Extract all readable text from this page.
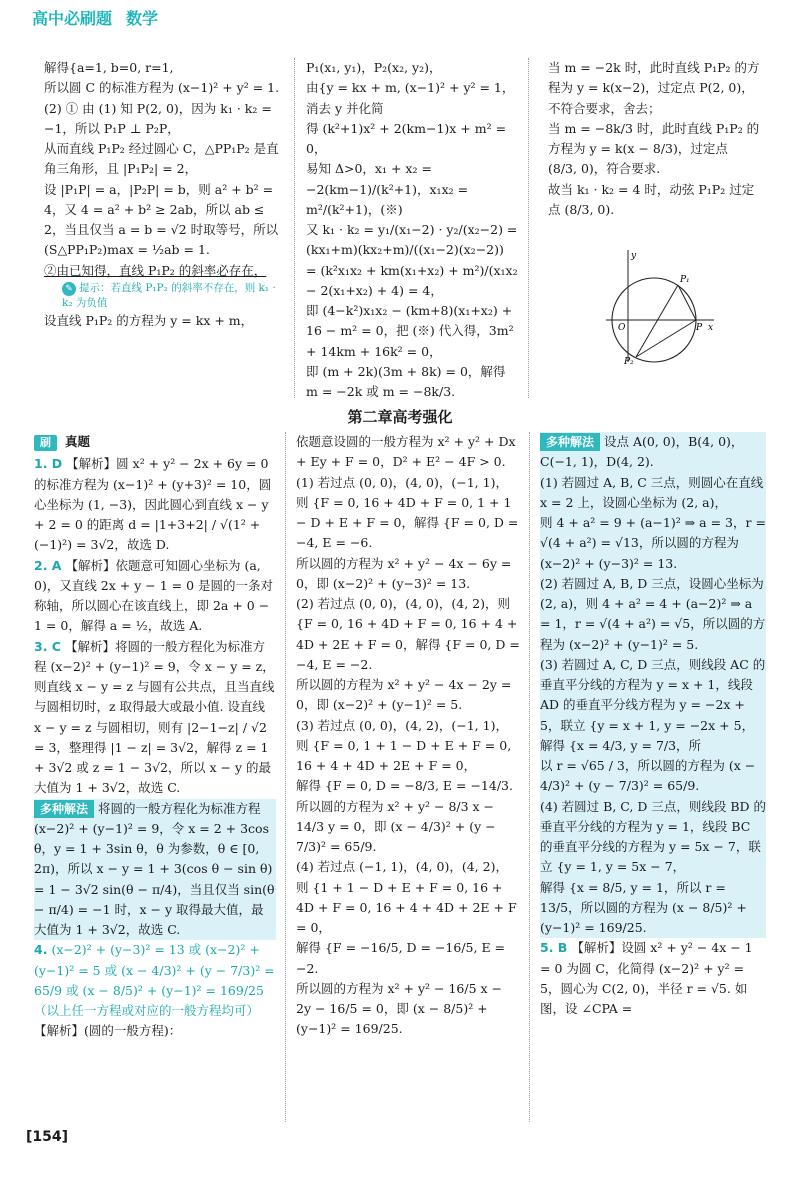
高中必刷题 数学

解得{a=1, b=0, r=1,

所以圆 C 的标准方程为 (x−1)² + y² = 1.

(2) ① 由 (1) 知 P(2, 0)，因为 k₁ · k₂ = −1，所以 P₁P ⊥ P₂P，

从而直线 P₁P₂ 经过圆心 C，△PP₁P₂ 是直角三角形，且 |P₁P₂| = 2，

设 |P₁P| = a，|P₂P| = b，则 a² + b² = 4，又 4 = a² + b² ≥ 2ab，所以 ab ≤ 2，当且仅当 a = b = √2 时取等号，所以

(S△PP₁P₂)max = ½ab = 1.

②由已知得，直线 P₁P₂ 的斜率必存在，

✎ 提示：若直线 P₁P₂ 的斜率不存在，则 k₁ · k₂ 为负值

设直线 P₁P₂ 的方程为 y = kx + m，

P₁(x₁, y₁)，P₂(x₂, y₂)，

由{y = kx + m, (x−1)² + y² = 1，消去 y 并化简

得 (k²+1)x² + 2(km−1)x + m² = 0，

易知 Δ>0，x₁ + x₂ = −2(km−1)/(k²+1)，x₁x₂ = m²/(k²+1)，(※)

又 k₁ · k₂ = y₁/(x₁−2) · y₂/(x₂−2) = (kx₁+m)(kx₂+m)/((x₁−2)(x₂−2)) = (k²x₁x₂ + km(x₁+x₂) + m²)/(x₁x₂ − 2(x₁+x₂) + 4) = 4，

即 (4−k²)x₁x₂ − (km+8)(x₁+x₂) + 16 − m² = 0，把 (※) 代入得，3m² + 14km + 16k² = 0，

即 (m + 2k)(3m + 8k) = 0，解得 m = −2k 或 m = −8k/3.

当 m = −2k 时，此时直线 P₁P₂ 的方程为 y = k(x−2)，过定点 P(2, 0)，不符合要求，舍去；

当 m = −8k/3 时，此时直线 P₁P₂ 的方程为 y = k(x − 8/3)，过定点 (8/3, 0)，符合要求.

故当 k₁ · k₂ = 4 时，动弦 P₁P₂ 过定点 (8/3, 0).

y
x
O	P
P₁
P₂
第二章高考强化

刷 真题

1. D 【解析】圆 x² + y² − 2x + 6y = 0 的标准方程为 (x−1)² + (y+3)² = 10，圆心坐标为 (1, −3)，因此圆心到直线 x − y + 2 = 0 的距离 d = |1+3+2| / √(1² + (−1)²) = 3√2，故选 D.

2. A 【解析】依题意可知圆心坐标为 (a, 0)，又直线 2x + y − 1 = 0 是圆的一条对称轴，所以圆心在该直线上，即 2a + 0 − 1 = 0，解得 a = ½，故选 A.

3. C 【解析】将圆的一般方程化为标准方程 (x−2)² + (y−1)² = 9，令 x − y = z，则直线 x − y = z 与圆有公共点，且当直线与圆相切时，z 取得最大或最小值. 设直线 x − y = z 与圆相切，则有 |2−1−z| / √2 = 3，整理得 |1 − z| = 3√2，解得 z = 1 + 3√2 或 z = 1 − 3√2，所以 x − y 的最大值为 1 + 3√2，故选 C.

多种解法 将圆的一般方程化为标准方程 (x−2)² + (y−1)² = 9，令 x = 2 + 3cos θ，y = 1 + 3sin θ，θ 为参数，θ ∈ [0, 2π)，所以 x − y = 1 + 3(cos θ − sin θ) = 1 − 3√2 sin(θ − π/4)，当且仅当 sin(θ − π/4) = −1 时，x − y 取得最大值，最大值为 1 + 3√2，故选 C.

4. (x−2)² + (y−3)² = 13 或 (x−2)² + (y−1)² = 5 或 (x − 4/3)² + (y − 7/3)² = 65/9 或 (x − 8/5)² + (y−1)² = 169/25（以上任一方程或对应的一般方程均可）

【解析】(圆的一般方程)：

依题意设圆的一般方程为 x² + y² + Dx + Ey + F = 0，D² + E² − 4F > 0.

(1) 若过点 (0, 0)，(4, 0)，(−1, 1)，

则 {F = 0, 16 + 4D + F = 0, 1 + 1 − D + E + F = 0，解得 {F = 0, D = −4, E = −6.

所以圆的方程为 x² + y² − 4x − 6y = 0，即 (x−2)² + (y−3)² = 13.

(2) 若过点 (0, 0)，(4, 0)，(4, 2)，则

{F = 0, 16 + 4D + F = 0, 16 + 4 + 4D + 2E + F = 0，解得 {F = 0, D = −4, E = −2.

所以圆的方程为 x² + y² − 4x − 2y = 0，即 (x−2)² + (y−1)² = 5.

(3) 若过点 (0, 0)，(4, 2)，(−1, 1)，

则 {F = 0, 1 + 1 − D + E + F = 0, 16 + 4 + 4D + 2E + F = 0，

解得 {F = 0, D = −8/3, E = −14/3.

所以圆的方程为 x² + y² − 8/3 x − 14/3 y = 0，即 (x − 4/3)² + (y − 7/3)² = 65/9.

(4) 若过点 (−1, 1)，(4, 0)，(4, 2)，

则 {1 + 1 − D + E + F = 0, 16 + 4D + F = 0, 16 + 4 + 4D + 2E + F = 0，

解得 {F = −16/5, D = −16/5, E = −2.

所以圆的方程为 x² + y² − 16/5 x − 2y − 16/5 = 0，即 (x − 8/5)² + (y−1)² = 169/25.

多种解法 设点 A(0, 0)，B(4, 0)，C(−1, 1)，D(4, 2).

(1) 若圆过 A, B, C 三点，则圆心在直线 x = 2 上，设圆心坐标为 (2, a)，

则 4 + a² = 9 + (a−1)² ⇒ a = 3，r = √(4 + a²) = √13，所以圆的方程为 (x−2)² + (y−3)² = 13.

(2) 若圆过 A, B, D 三点，设圆心坐标为 (2, a)，则 4 + a² = 4 + (a−2)² ⇒ a = 1，r = √(4 + a²) = √5，所以圆的方程为 (x−2)² + (y−1)² = 5.

(3) 若圆过 A, C, D 三点，则线段 AC 的垂直平分线的方程为 y = x + 1，线段 AD 的垂直平分线方程为 y = −2x + 5，联立 {y = x + 1, y = −2x + 5，解得 {x = 4/3, y = 7/3，所

以 r = √65 / 3，所以圆的方程为 (x − 4/3)² + (y − 7/3)² = 65/9.

(4) 若圆过 B, C, D 三点，则线段 BD 的垂直平分线的方程为 y = 1，线段 BC 的垂直平分线的方程为 y = 5x − 7，联立 {y = 1, y = 5x − 7，

解得 {x = 8/5, y = 1，所以 r = 13/5，所以圆的方程为 (x − 8/5)² + (y−1)² = 169/25.

5. B 【解析】设圆 x² + y² − 4x − 1 = 0 为圆 C，化简得 (x−2)² + y² = 5，圆心为 C(2, 0)，半径 r = √5. 如图，设 ∠CPA =

[154]
